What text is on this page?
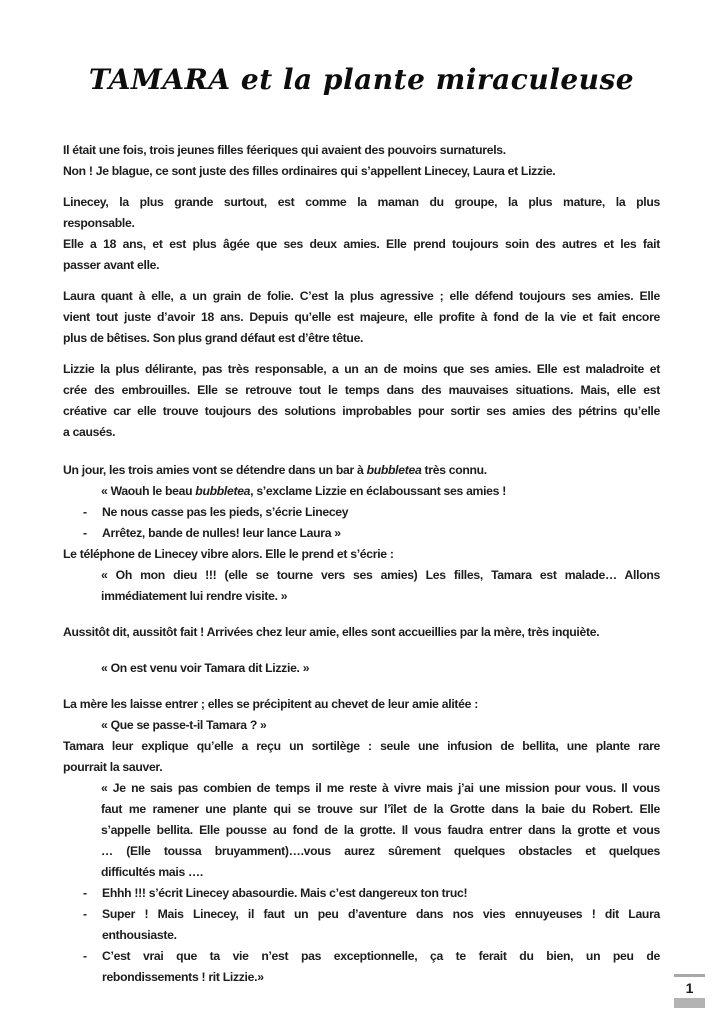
TAMARA et la plante miraculeuse
Il était une fois, trois jeunes filles féeriques qui avaient des pouvoirs surnaturels.
Non ! Je blague, ce sont juste des filles ordinaires qui s’appellent Linecey, Laura et Lizzie.
Linecey, la plus grande surtout, est comme la maman du groupe, la plus mature, la plus
responsable.
Elle a 18 ans, et est plus âgée que ses deux amies. Elle prend toujours soin des autres et les fait
passer avant elle.
Laura quant à elle, a un grain de folie. C’est la plus agressive ; elle défend toujours ses amies. Elle
vient tout juste d’avoir 18 ans. Depuis qu’elle est majeure, elle profite à fond de la vie et fait encore
plus de bêtises. Son plus grand défaut est d’être têtue.
Lizzie la plus délirante, pas très responsable, a un an de moins que ses amies. Elle est maladroite et
crée des embrouilles. Elle se retrouve tout le temps dans des mauvaises situations. Mais, elle est
créative car elle trouve toujours des solutions improbables pour sortir ses amies des pétrins qu’elle
a causés.
Un jour, les trois amies vont se détendre dans un bar à bubbletea très connu.
« Waouh le beau bubbletea, s’exclame Lizzie en éclaboussant ses amies !
-	Ne nous casse pas les pieds, s’écrie Linecey
-	Arrêtez, bande de nulles! leur lance Laura »
Le téléphone de Linecey vibre alors. Elle le prend et s’écrie :
« Oh mon dieu !!! (elle se tourne vers ses amies) Les filles, Tamara est malade… Allons
immédiatement lui rendre visite. »
Aussitôt dit, aussitôt fait ! Arrivées chez leur amie, elles sont accueillies par la mère, très inquiète.
« On est venu voir Tamara dit Lizzie. »
La mère les laisse entrer ; elles se précipitent au chevet de leur amie alitée :
« Que se passe-t-il Tamara ? »
Tamara leur explique qu’elle a reçu un sortilège : seule une infusion de bellita, une plante rare
pourrait la sauver.
« Je ne sais pas combien de temps il me reste à vivre mais j’ai une mission pour vous. Il vous
faut me ramener une plante qui se trouve sur l’îlet de la Grotte dans la baie du Robert. Elle
s’appelle bellita. Elle pousse au fond de la grotte. Il vous faudra entrer dans la grotte et vous
… (Elle toussa bruyamment)….vous aurez sûrement quelques obstacles et quelques
difficultés mais ….
-	Ehhh !!! s’écrit Linecey abasourdie. Mais c’est dangereux ton truc!
-	Super ! Mais Linecey, il faut un peu d’aventure dans nos vies ennuyeuses ! dit Laura
enthousiaste.
-	C’est vrai que ta vie n’est pas exceptionnelle, ça te ferait du bien, un peu de
rebondissements ! rit Lizzie.»
1
